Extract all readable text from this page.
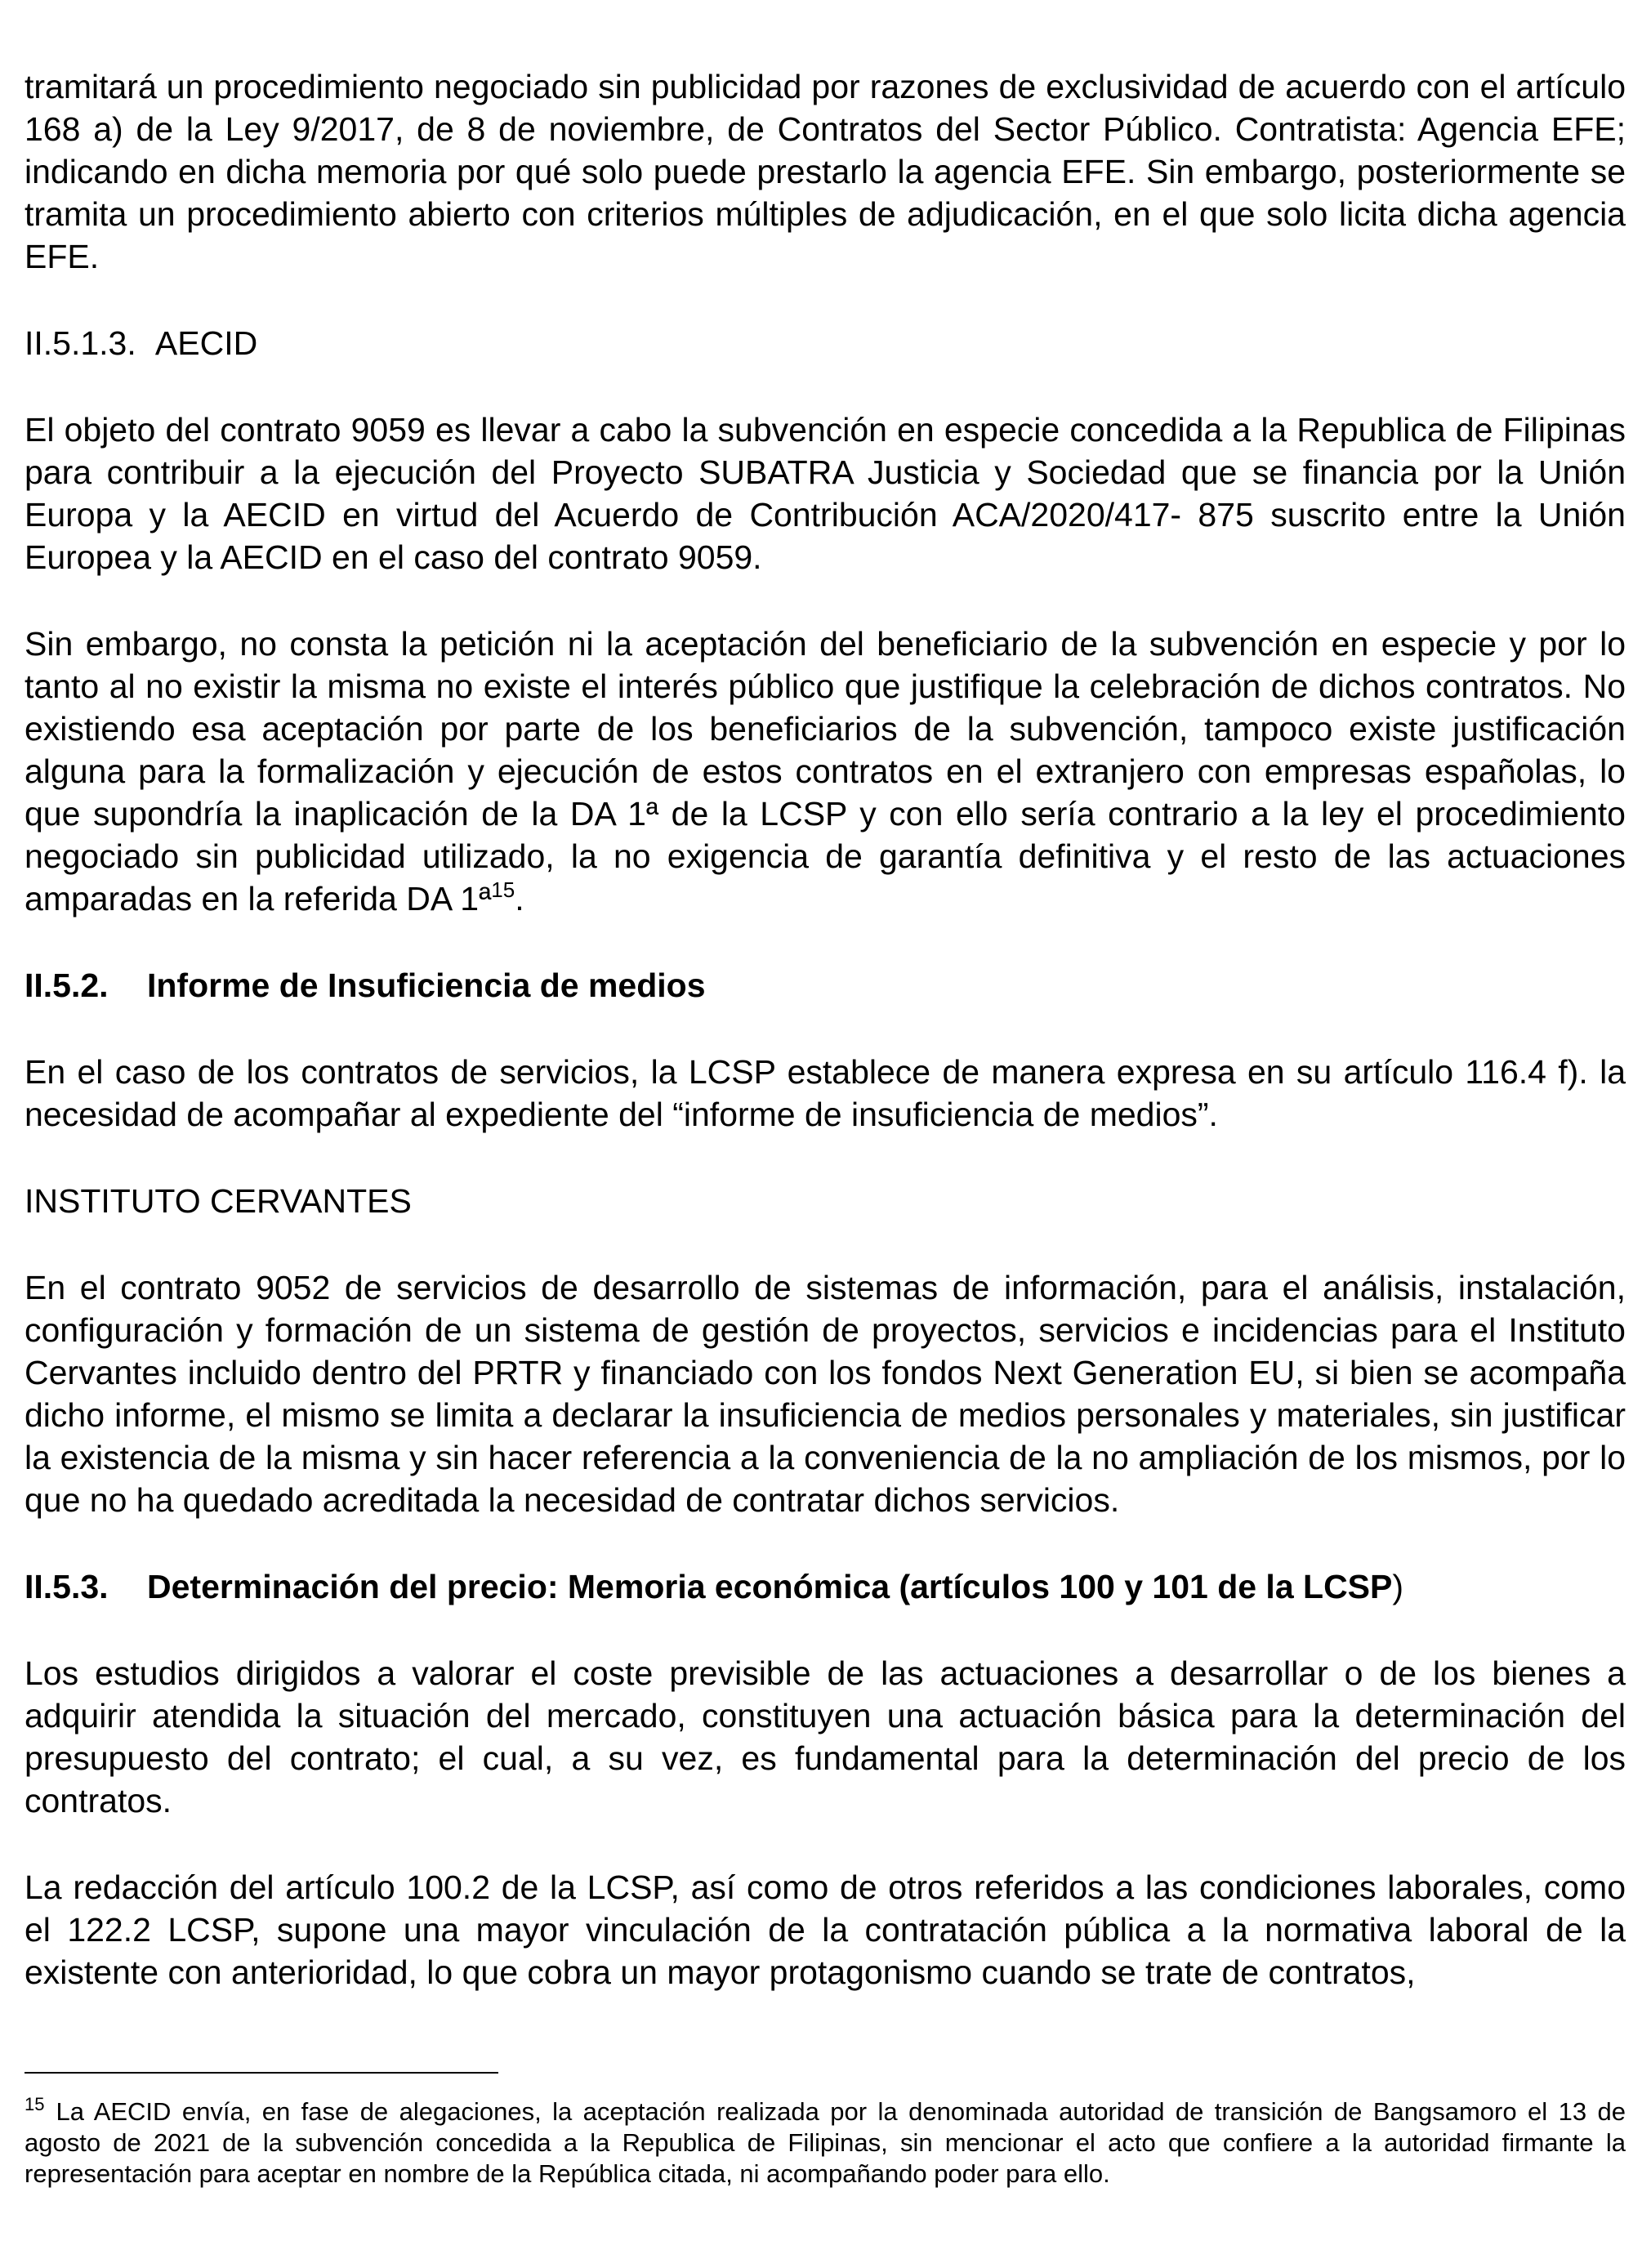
tramitará un procedimiento negociado sin publicidad por razones de exclusividad de acuerdo con el artículo 168 a) de la Ley 9/2017, de 8 de noviembre, de Contratos del Sector Público. Contratista: Agencia EFE; indicando en dicha memoria por qué solo puede prestarlo la agencia EFE. Sin embargo, posteriormente se tramita un procedimiento abierto con criterios múltiples de adjudicación, en el que solo licita dicha agencia EFE.

II.5.1.3. AECID

El objeto del contrato 9059 es llevar a cabo la subvención en especie concedida a la Republica de Filipinas para contribuir a la ejecución del Proyecto SUBATRA Justicia y Sociedad que se financia por la Unión Europa y la AECID en virtud del Acuerdo de Contribución ACA/2020/417- 875 suscrito entre la Unión Europea y la AECID en el caso del contrato 9059.

Sin embargo, no consta la petición ni la aceptación del beneficiario de la subvención en especie y por lo tanto al no existir la misma no existe el interés público que justifique la celebración de dichos contratos. No existiendo esa aceptación por parte de los beneficiarios de la subvención, tampoco existe justificación alguna para la formalización y ejecución de estos contratos en el extranjero con empresas españolas, lo que supondría la inaplicación de la DA 1ª de la LCSP y con ello sería contrario a la ley el procedimiento negociado sin publicidad utilizado, la no exigencia de garantía definitiva y el resto de las actuaciones amparadas en la referida DA 1ª$^{15}$.

II.5.2. Informe de Insuficiencia de medios

En el caso de los contratos de servicios, la LCSP establece de manera expresa en su artículo 116.4 f). la necesidad de acompañar al expediente del “informe de insuficiencia de medios”.

INSTITUTO CERVANTES

En el contrato 9052 de servicios de desarrollo de sistemas de información, para el análisis, instalación, configuración y formación de un sistema de gestión de proyectos, servicios e incidencias para el Instituto Cervantes incluido dentro del PRTR y financiado con los fondos Next Generation EU, si bien se acompaña dicho informe, el mismo se limita a declarar la insuficiencia de medios personales y materiales, sin justificar la existencia de la misma y sin hacer referencia a la conveniencia de la no ampliación de los mismos, por lo que no ha quedado acreditada la necesidad de contratar dichos servicios.

II.5.3. Determinación del precio: Memoria económica (artículos 100 y 101 de la LCSP)

Los estudios dirigidos a valorar el coste previsible de las actuaciones a desarrollar o de los bienes a adquirir atendida la situación del mercado, constituyen una actuación básica para la determinación del presupuesto del contrato; el cual, a su vez, es fundamental para la determinación del precio de los contratos.

La redacción del artículo 100.2 de la LCSP, así como de otros referidos a las condiciones laborales, como el 122.2 LCSP, supone una mayor vinculación de la contratación pública a la normativa laboral de la existente con anterioridad, lo que cobra un mayor protagonismo cuando se trate de contratos,

$^{15}$ La AECID envía, en fase de alegaciones, la aceptación realizada por la denominada autoridad de transición de Bangsamoro el 13 de agosto de 2021 de la subvención concedida a la Republica de Filipinas, sin mencionar el acto que confiere a la autoridad firmante la representación para aceptar en nombre de la República citada, ni acompañando poder para ello.
